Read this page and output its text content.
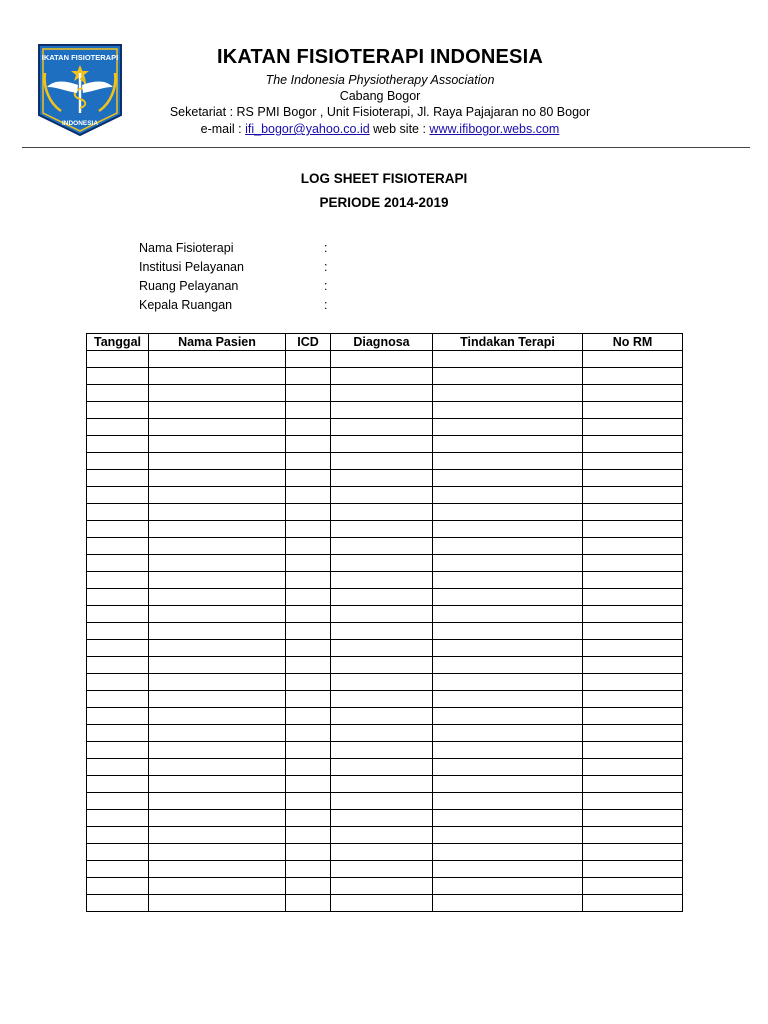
IKATAN FISIOTERAPI
INDONESIA
IKATAN FISIOTERAPI INDONESIA
The Indonesia Physiotherapy Association
Cabang Bogor
Seketariat : RS PMI Bogor , Unit Fisioterapi, Jl. Raya Pajajaran no 80 Bogor
e-mail : ifi_bogor@yahoo.co.id web site : www.ifibogor.webs.com
LOG SHEET FISIOTERAPI
PERIODE 2014-2019
Nama Fisioterapi	:
Institusi Pelayanan	:
Ruang Pelayanan	:
Kepala Ruangan	:
Tanggal	Nama Pasien	ICD	Diagnosa	Tindakan Terapi	No RM
